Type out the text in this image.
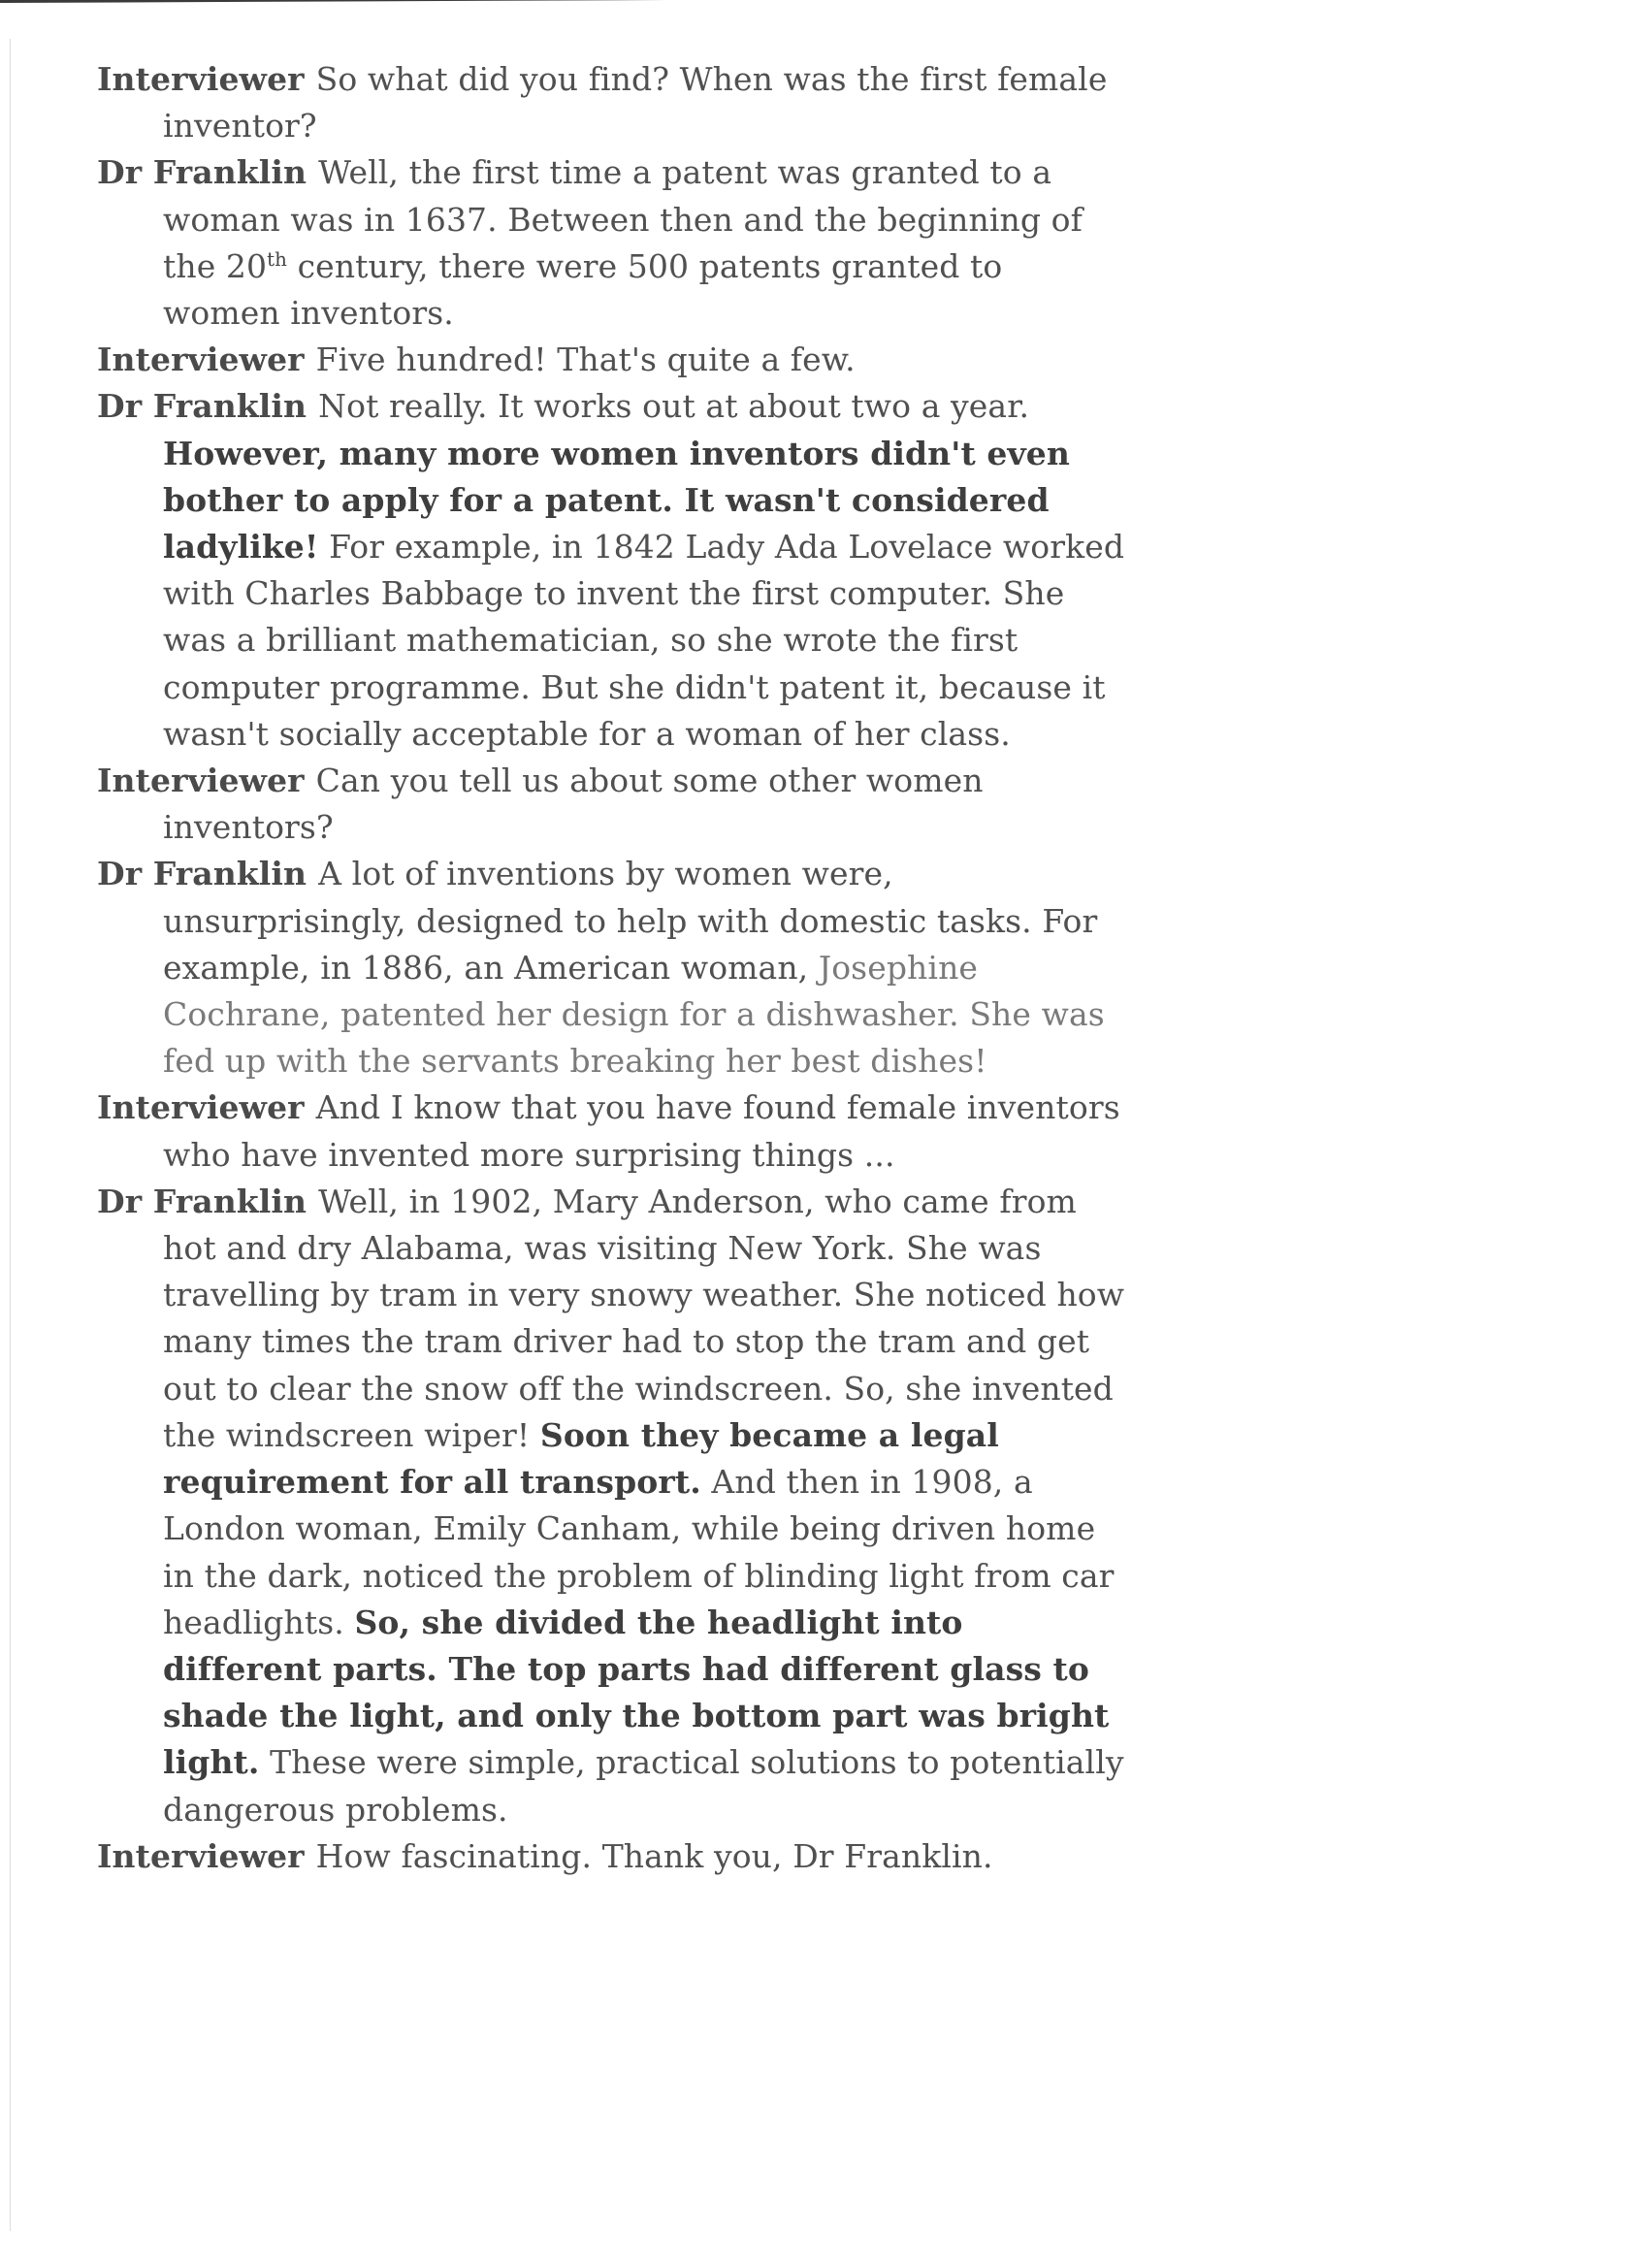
Interviewer So what did you find? When was the first female inventor?

Dr Franklin Well, the first time a patent was granted to a woman was in 1637. Between then and the beginning of the 20th century, there were 500 patents granted to women inventors.

Interviewer Five hundred! That's quite a few.

Dr Franklin Not really. It works out at about two a year. However, many more women inventors didn't even bother to apply for a patent. It wasn't considered ladylike! For example, in 1842 Lady Ada Lovelace worked with Charles Babbage to invent the first computer. She was a brilliant mathematician, so she wrote the first computer programme. But she didn't patent it, because it wasn't socially acceptable for a woman of her class.

Interviewer Can you tell us about some other women inventors?

Dr Franklin A lot of inventions by women were, unsurprisingly, designed to help with domestic tasks. For example, in 1886, an American woman, Josephine Cochrane, patented her design for a dishwasher. She was fed up with the servants breaking her best dishes!

Interviewer And I know that you have found female inventors who have invented more surprising things ...

Dr Franklin Well, in 1902, Mary Anderson, who came from hot and dry Alabama, was visiting New York. She was travelling by tram in very snowy weather. She noticed how many times the tram driver had to stop the tram and get out to clear the snow off the windscreen. So, she invented the windscreen wiper! Soon they became a legal requirement for all transport. And then in 1908, a London woman, Emily Canham, while being driven home in the dark, noticed the problem of blinding light from car headlights. So, she divided the headlight into different parts. The top parts had different glass to shade the light, and only the bottom part was bright light. These were simple, practical solutions to potentially dangerous problems.

Interviewer How fascinating. Thank you, Dr Franklin.
